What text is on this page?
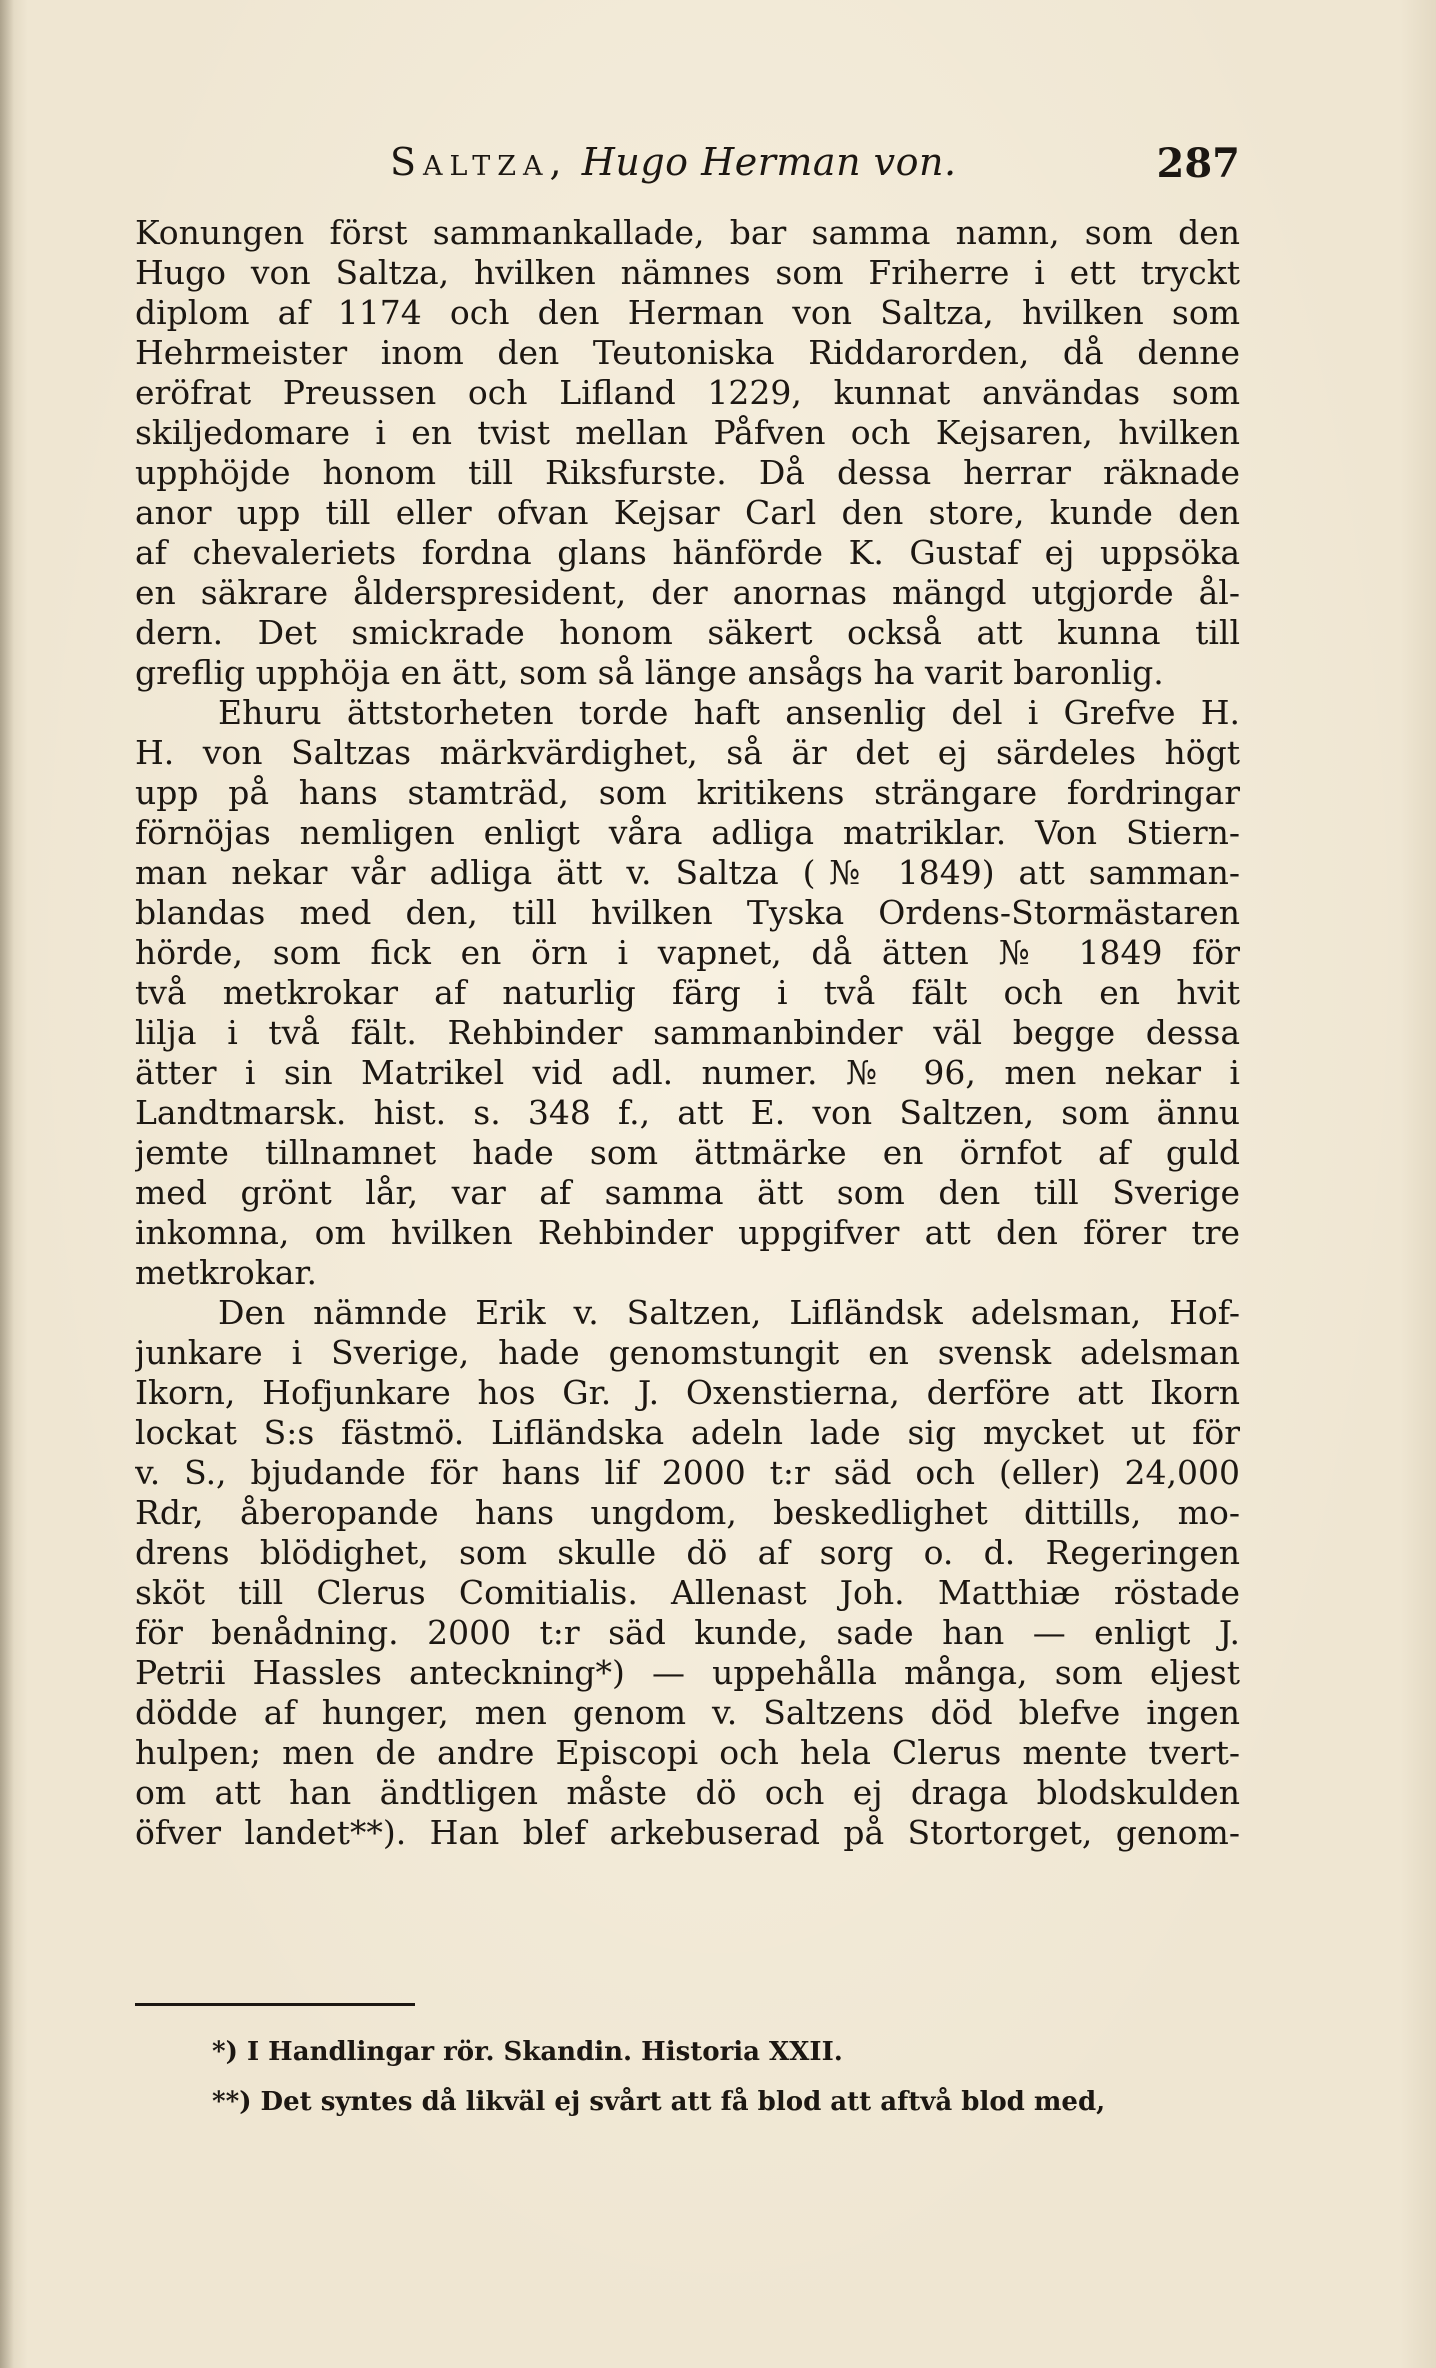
Saltza, Hugo Herman von.	287
Konungen först sammankallade, bar samma namn, som den
Hugo von Saltza, hvilken nämnes som Friherre i ett tryckt
diplom af 1174 och den Herman von Saltza, hvilken som
Hehrmeister inom den Teutoniska Riddarorden, då denne
eröfrat Preussen och Lifland 1229, kunnat användas som
skiljedomare i en tvist mellan Påfven och Kejsaren, hvilken
upphöjde honom till Riksfurste. Då dessa herrar räknade
anor upp till eller ofvan Kejsar Carl den store, kunde den
af chevaleriets fordna glans hänförde K. Gustaf ej uppsöka
en säkrare ålderspresident, der anornas mängd utgjorde ål-
dern. Det smickrade honom säkert också att kunna till
greflig upphöja en ätt, som så länge ansågs ha varit baronlig.
Ehuru ättstorheten torde haft ansenlig del i Grefve H.
H. von Saltzas märkvärdighet, så är det ej särdeles högt
upp på hans stamträd, som kritikens strängare fordringar
förnöjas nemligen enligt våra adliga matriklar. Von Stiern-
man nekar vår adliga ätt v. Saltza (№ 1849) att samman-
blandas med den, till hvilken Tyska Ordens-Stormästaren
hörde, som fick en örn i vapnet, då ätten № 1849 för
två metkrokar af naturlig färg i två fält och en hvit
lilja i två fält. Rehbinder sammanbinder väl begge dessa
ätter i sin Matrikel vid adl. numer. № 96, men nekar i
Landtmarsk. hist. s. 348 f., att E. von Saltzen, som ännu
jemte tillnamnet hade som ättmärke en örnfot af guld
med grönt lår, var af samma ätt som den till Sverige
inkomna, om hvilken Rehbinder uppgifver att den förer tre
metkrokar.
Den nämnde Erik v. Saltzen, Lifländsk adelsman, Hof-
junkare i Sverige, hade genomstungit en svensk adelsman
Ikorn, Hofjunkare hos Gr. J. Oxenstierna, derföre att Ikorn
lockat S:s fästmö. Lifländska adeln lade sig mycket ut för
v. S., bjudande för hans lif 2000 t:r säd och (eller) 24,000
Rdr, åberopande hans ungdom, beskedlighet dittills, mo-
drens blödighet, som skulle dö af sorg o. d. Regeringen
sköt till Clerus Comitialis. Allenast Joh. Matthiæ röstade
för benådning. 2000 t:r säd kunde, sade han — enligt J.
Petrii Hassles anteckning*) — uppehålla många, som eljest
dödde af hunger, men genom v. Saltzens död blefve ingen
hulpen; men de andre Episcopi och hela Clerus mente tvert-
om att han ändtligen måste dö och ej draga blodskulden
öfver landet**). Han blef arkebuserad på Stortorget, genom-
*) I Handlingar rör. Skandin. Historia XXII.
**) Det syntes då likväl ej svårt att få blod att aftvå blod med,
